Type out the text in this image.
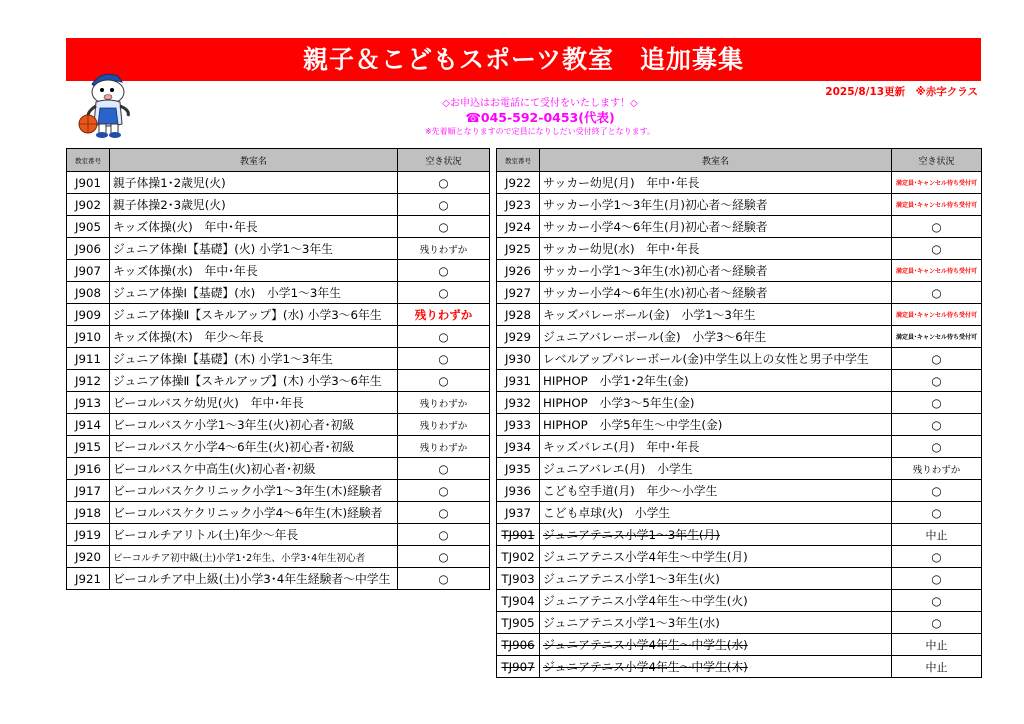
親子＆こどもスポーツ教室　追加募集
2025/8/13更新　※赤字クラス
◇お申込はお電話にて受付をいたします！◇
☎045-592-0453(代表)
※先着順となりますので定員になりしだい受付終了となります。
教室番号	教室名	空き状況
J901	親子体操1･2歳児(火)	○
J902	親子体操2･3歳児(火)	○
J905	キッズ体操(火)　年中･年長	○
J906	ジュニア体操Ⅰ【基礎】(火) 小学1～3年生	残りわずか
J907	キッズ体操(水)　年中･年長	○
J908	ジュニア体操Ⅰ【基礎】(水)　小学1～3年生	○
J909	ジュニア体操Ⅱ【スキルアップ】(水) 小学3～6年生	残りわずか
J910	キッズ体操(木)　年少～年長	○
J911	ジュニア体操Ⅰ【基礎】(木) 小学1～3年生	○
J912	ジュニア体操Ⅱ【スキルアップ】(木) 小学3～6年生	○
J913	ビーコルバスケ幼児(火)　年中･年長	残りわずか
J914	ビーコルバスケ小学1～3年生(火)初心者･初級	残りわずか
J915	ビーコルバスケ小学4～6年生(火)初心者･初級	残りわずか
J916	ビーコルバスケ中高生(火)初心者･初級	○
J917	ビーコルバスケクリニック小学1～3年生(木)経験者	○
J918	ビーコルバスケクリニック小学4～6年生(木)経験者	○
J919	ビーコルチアリトル(土)年少～年長	○
J920	ビーコルチア初中級(土)小学1･2年生、小学3･4年生初心者	○
J921	ビーコルチア中上級(土)小学3･4年生経験者～中学生	○
教室番号	教室名	空き状況
J922	サッカー幼児(月)　年中･年長	満定員･キャンセル待ち受付可
J923	サッカー小学1～3年生(月)初心者～経験者	満定員･キャンセル待ち受付可
J924	サッカー小学4～6年生(月)初心者～経験者	○
J925	サッカー幼児(水)　年中･年長	○
J926	サッカー小学1～3年生(水)初心者～経験者	満定員･キャンセル待ち受付可
J927	サッカー小学4～6年生(水)初心者～経験者	○
J928	キッズバレーボール(金)　小学1～3年生	満定員･キャンセル待ち受付可
J929	ジュニアバレーボール(金)　小学3～6年生	満定員･キャンセル待ち受付可
J930	レベルアップバレーボール(金)中学生以上の女性と男子中学生	○
J931	HIPHOP　小学1･2年生(金)	○
J932	HIPHOP　小学3～5年生(金)	○
J933	HIPHOP　小学5年生～中学生(金)	○
J934	キッズバレエ(月)　年中･年長	○
J935	ジュニアバレエ(月)　小学生	残りわずか
J936	こども空手道(月)　年少～小学生	○
J937	こども卓球(火)　小学生	○
TJ901	ジュニアテニス小学1～3年生(月)	中止
TJ902	ジュニアテニス小学4年生～中学生(月)	○
TJ903	ジュニアテニス小学1～3年生(火)	○
TJ904	ジュニアテニス小学4年生～中学生(火)	○
TJ905	ジュニアテニス小学1～3年生(水)	○
TJ906	ジュニアテニス小学4年生～中学生(水)	中止
TJ907	ジュニアテニス小学4年生～中学生(木)	中止
